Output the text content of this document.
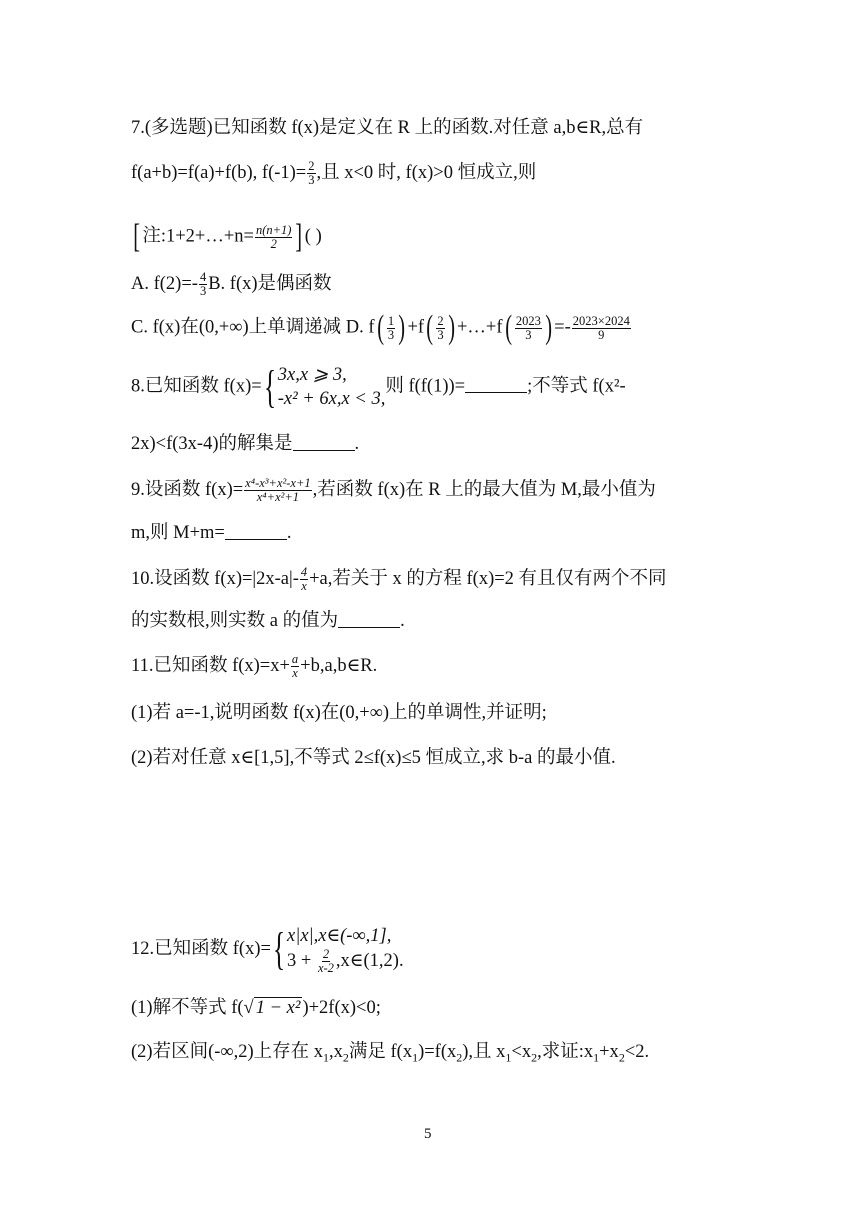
7.(多选题)已知函数 f(x)是定义在 R 上的函数.对任意 a,b∈R,总有
f(a+b)=f(a)+f(b), $f(-1)= \frac{2}{3}$ ,且 x<0 时, f(x)>0 恒成立,则
[ 注:1+2+…+n= $\frac{n(n+1)}{2}$ ] ( )
A. $f(2)=- \frac{4}{3} B$. f(x)是偶函数
C. f(x)在(0,+∞)上单调递减 D. $f( \frac{1}{3}$ ) $+f( \frac{2}{3}$ ) +…+f( $\frac{2023}{3}$ ) =- $\frac{2023\times 2024}{9}$
8.已知函数 f(x)={ 3x,x ⩾ 3,
-x² + 6x,x < 3,
则 f(f(1))=	;不等式 f(x²-
2x)<f(3x-4)的解集是	.
9.设函数 $f(x)= \frac{\text{x⁴-x³+x²-x+1}}{\text{x⁴+x²+1}}$ ,若函数 f(x)在 R 上的最大值为 M,最小值为
m,则 M+m=	.
10.设函数 $f(x)=|2x-a|- \frac{4}{x} +a$,若关于 x 的方程 f(x)=2 有且仅有两个不同
的实数根,则实数 a 的值为	.
11.已知函数 $f(x)=x+ \frac{a}{x}$ +b,a,b∈R.
(1)若 a=-1,说明函数 f(x)在(0,+∞)上的单调性,并证明;
(2)若对任意 x∈[1,5],不等式 2≤f(x)≤5 恒成立,求 b-a 的最小值.
12.已知函数 f(x)={ x|x|,x∈(-∞,1],
$3 + \frac{2}{x-2}$ ,x∈(1,2).
(1)解不等式 f(√ 1 − x² )+2f(x)<0;
(2)若区间(-∞,2)上存在 $x_1,x_2$满足 $f(x_1)=f(x_2)$,且 $x_1<x_2$,求证$:x_1+x_2<2$.
5
